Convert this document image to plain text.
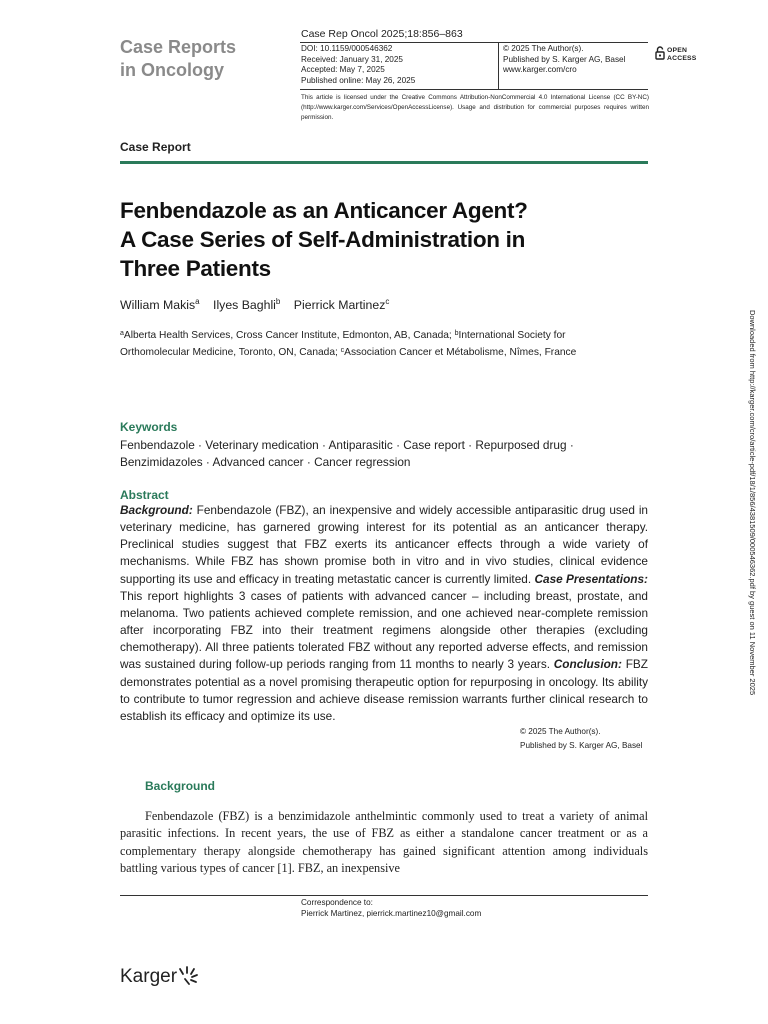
Case Reports
in Oncology
Case Rep Oncol 2025;18:856–863
DOI: 10.1159/000546362
Received: January 31, 2025
Accepted: May 7, 2025
Published online: May 26, 2025
© 2025 The Author(s).
Published by S. Karger AG, Basel
www.karger.com/cro
OPEN
ACCESS
This article is licensed under the Creative Commons Attribution-NonCommercial 4.0 International License (CC BY-NC) (http://www.karger.com/Services/OpenAccessLicense). Usage and distribution for commercial purposes requires written permission.
Case Report
Fenbendazole as an Anticancer Agent?
A Case Series of Self-Administration in
Three Patients
William Makis$^a$ Ilyes Baghli$^b$ Pierrick Martinez$^c$
$^a$Alberta Health Services, Cross Cancer Institute, Edmonton, AB, Canada; $^b$International Society for Orthomolecular Medicine, Toronto, ON, Canada; $^c$Association Cancer et Métabolisme, Nîmes, France	Downloaded from http://karger.com/cro/article-pdf/18/1/856/4381509/000546362.pdf by guest on 11 November 2025
Keywords
Fenbendazole · Veterinary medication · Antiparasitic · Case report · Repurposed drug · Benzimidazoles · Advanced cancer · Cancer regression
Abstract
Background: Fenbendazole (FBZ), an inexpensive and widely accessible antiparasitic drug used in veterinary medicine, has garnered growing interest for its potential as an anticancer therapy. Preclinical studies suggest that FBZ exerts its anticancer effects through a wide variety of mechanisms. While FBZ has shown promise both in vitro and in vivo studies, clinical evidence supporting its use and efficacy in treating metastatic cancer is currently limited. Case Presentations: This report highlights 3 cases of patients with advanced cancer – including breast, prostate, and melanoma. Two patients achieved complete remission, and one achieved near-complete remission after incorporating FBZ into their treatment regimens alongside other therapies (excluding chemotherapy). All three patients tolerated FBZ without any reported adverse effects, and remission was sustained during follow-up periods ranging from 11 months to nearly 3 years. Conclusion: FBZ demonstrates potential as a novel promising therapeutic option for repurposing in oncology. Its ability to contribute to tumor regression and achieve disease remission warrants further clinical research to establish its efficacy and optimize its use.
© 2025 The Author(s).
Published by S. Karger AG, Basel
Background
Fenbendazole (FBZ) is a benzimidazole anthelmintic commonly used to treat a variety of animal parasitic infections. In recent years, the use of FBZ as either a standalone cancer treatment or as a complementary therapy alongside chemotherapy has gained significant attention among individuals battling various types of cancer [1]. FBZ, an inexpensive
Correspondence to:
Pierrick Martinez, pierrick.martinez10@gmail.com
Karger
